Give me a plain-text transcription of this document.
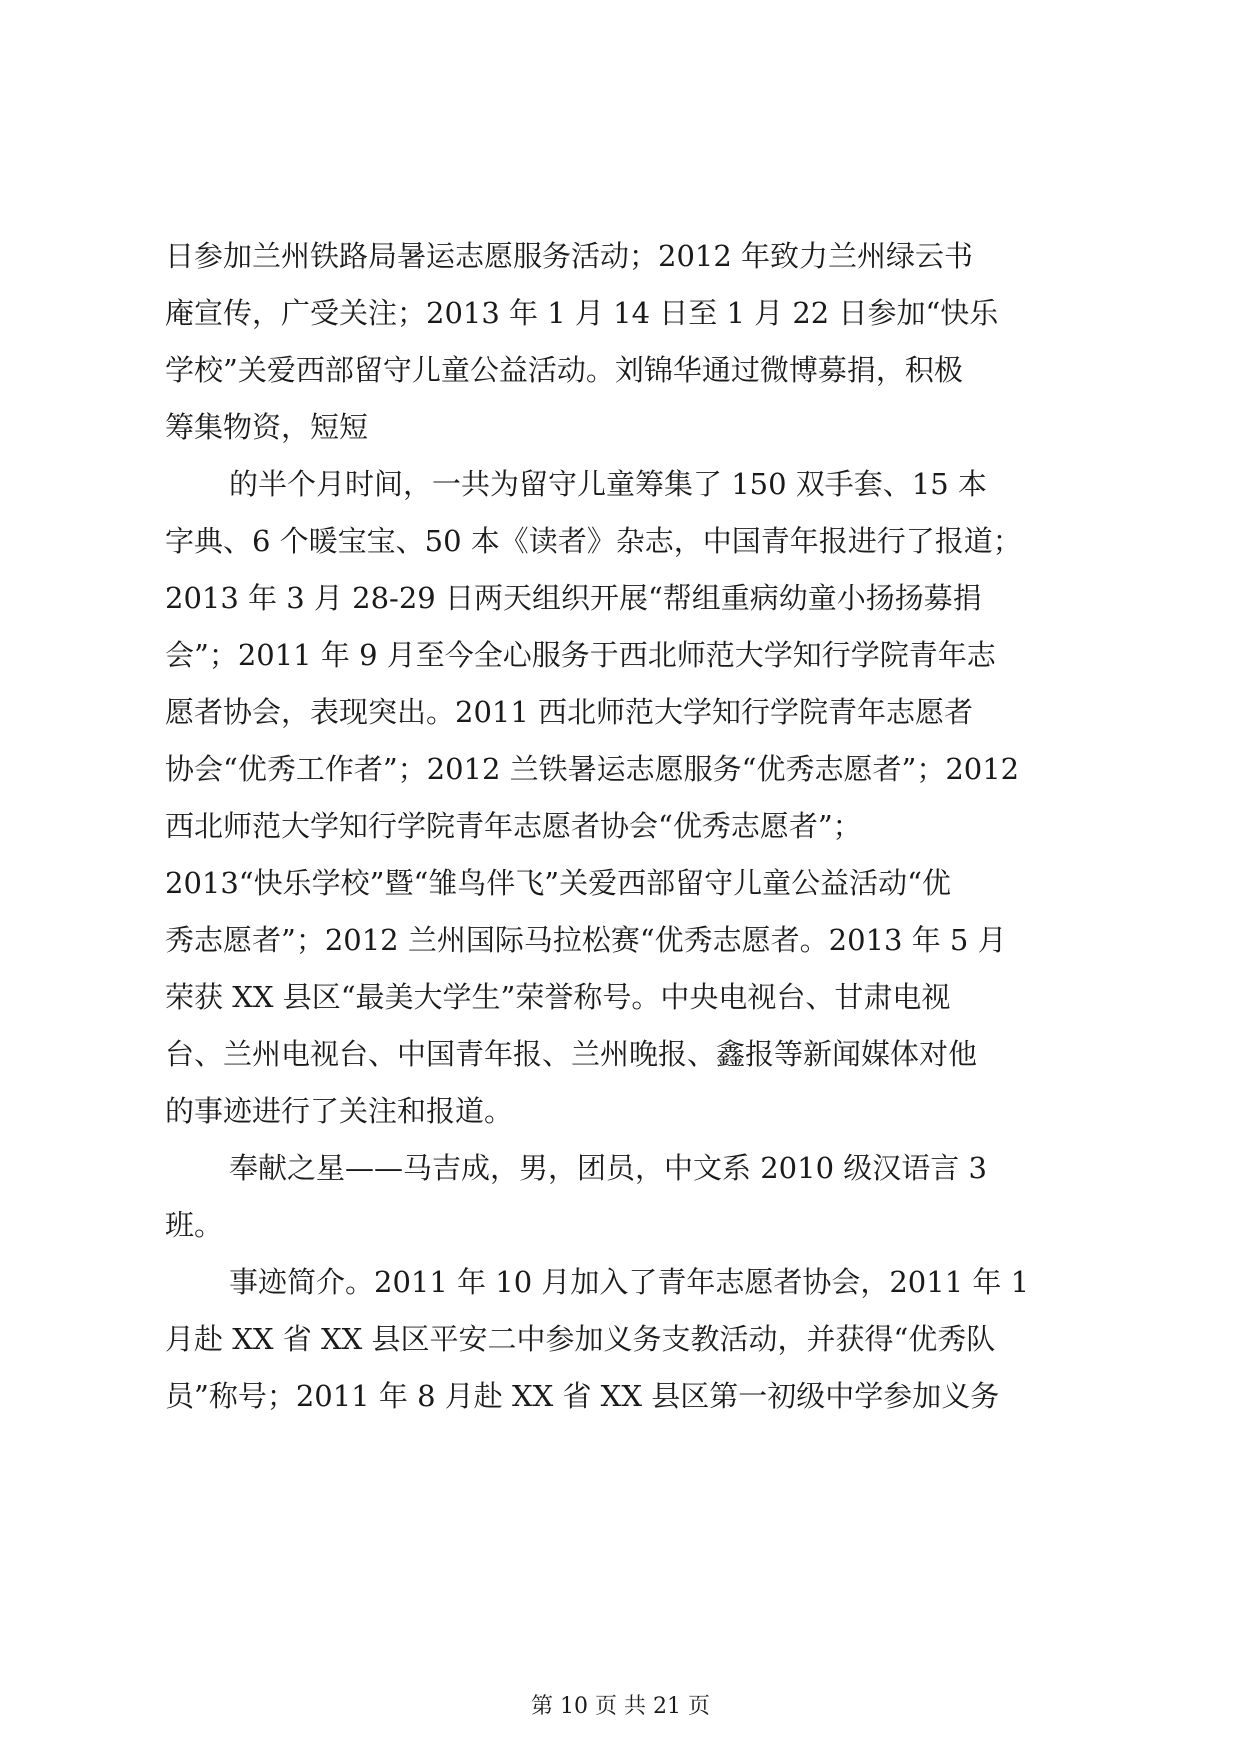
日参加兰州铁路局暑运志愿服务活动；2012 年致力兰州绿云书
庵宣传，广受关注；2013 年 1 月 14 日至 1 月 22 日参加“快乐
学校”关爱西部留守儿童公益活动。刘锦华通过微博募捐，积极
筹集物资，短短
的半个月时间，一共为留守儿童筹集了 150 双手套、15 本
字典、6 个暖宝宝、50 本《读者》杂志，中国青年报进行了报道；
2013 年 3 月 28-29 日两天组织开展“帮组重病幼童小扬扬募捐
会”；2011 年 9 月至今全心服务于西北师范大学知行学院青年志
愿者协会，表现突出。2011 西北师范大学知行学院青年志愿者
协会“优秀工作者”；2012 兰铁暑运志愿服务“优秀志愿者”；2012
西北师范大学知行学院青年志愿者协会“优秀志愿者”；
2013“快乐学校”暨“雏鸟伴飞”关爱西部留守儿童公益活动“优
秀志愿者”；2012 兰州国际马拉松赛“优秀志愿者。2013 年 5 月
荣获 XX 县区“最美大学生”荣誉称号。中央电视台、甘肃电视
台、兰州电视台、中国青年报、兰州晚报、鑫报等新闻媒体对他
的事迹进行了关注和报道。
奉献之星——马吉成，男，团员，中文系 2010 级汉语言 3
班。
事迹简介。2011 年 10 月加入了青年志愿者协会，2011 年 1
月赴 XX 省 XX 县区平安二中参加义务支教活动，并获得“优秀队
员”称号；2011 年 8 月赴 XX 省 XX 县区第一初级中学参加义务
第 10 页 共 21 页
